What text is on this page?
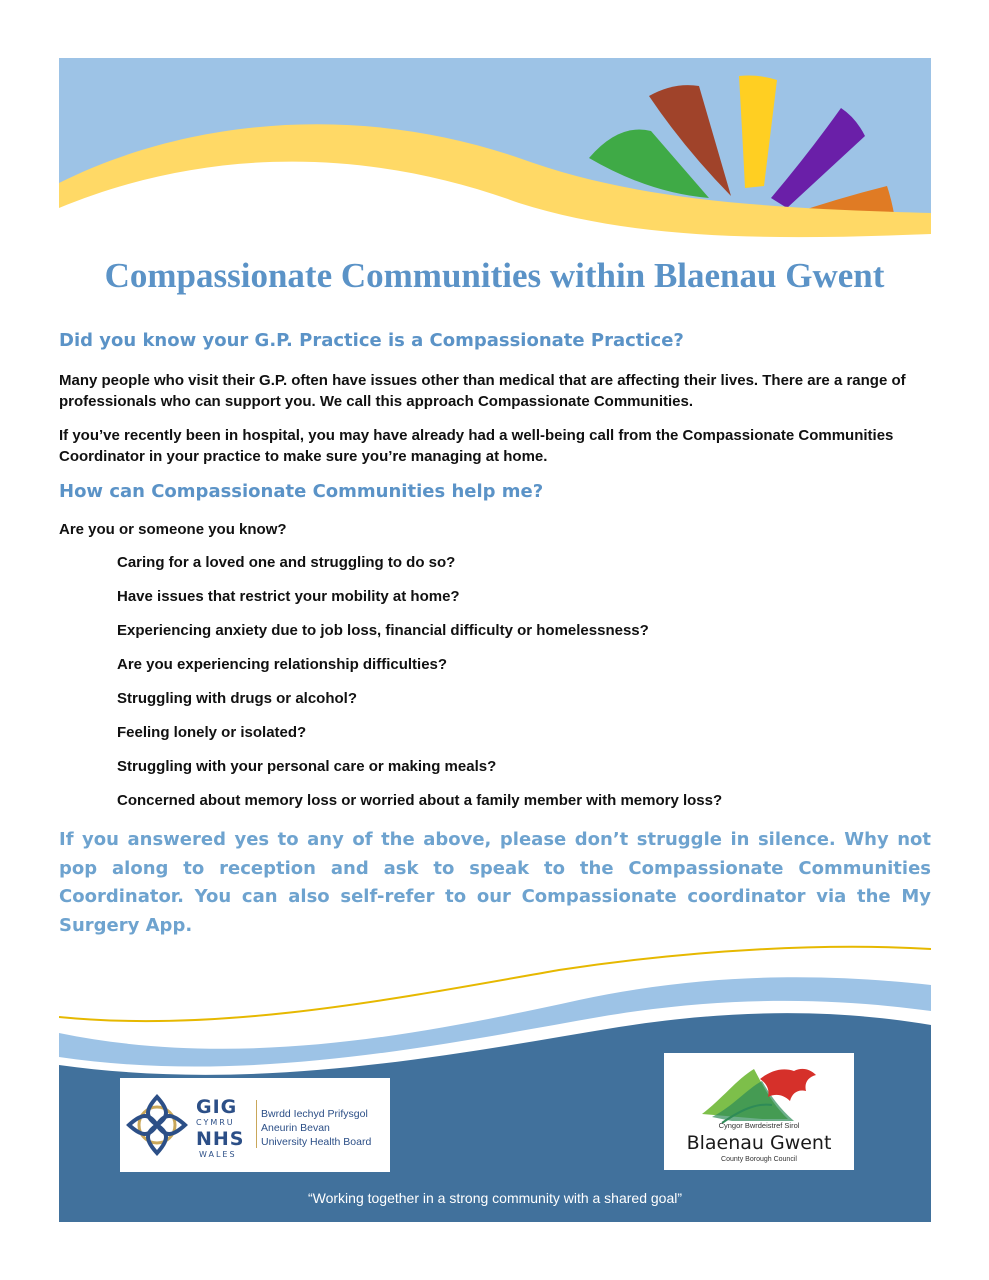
Compassionate Communities within Blaenau Gwent
Did you know your G.P. Practice is a Compassionate Practice?

Many people who visit their G.P. often have issues other than medical that are affecting their lives. There are a range of professionals who can support you. We call this approach Compassionate Communities.

If you’ve recently been in hospital, you may have already had a well-being call from the Compassionate Communities Coordinator in your practice to make sure you’re managing at home.

How can Compassionate Communities help me?
Are you or someone you know?
Caring for a loved one and struggling to do so?
Have issues that restrict your mobility at home?
Experiencing anxiety due to job loss, financial difficulty or homelessness?
Are you experiencing relationship difficulties?
Struggling with drugs or alcohol?
Feeling lonely or isolated?
Struggling with your personal care or making meals?
Concerned about memory loss or worried about a family member with memory loss?

If you answered yes to any of the above, please don’t struggle in silence. Why not pop along to reception and ask to speak to the Compassionate Communities Coordinator. You can also self-refer to our Compassionate coordinator via the My Surgery App.

GIG
CYMRU
NHS
WALES
Bwrdd Iechyd Prifysgol
Aneurin Bevan
University Health Board
Cyngor Bwrdeistref Sirol
Blaenau Gwent
County Borough Council

“Working together in a strong community with a shared goal”
